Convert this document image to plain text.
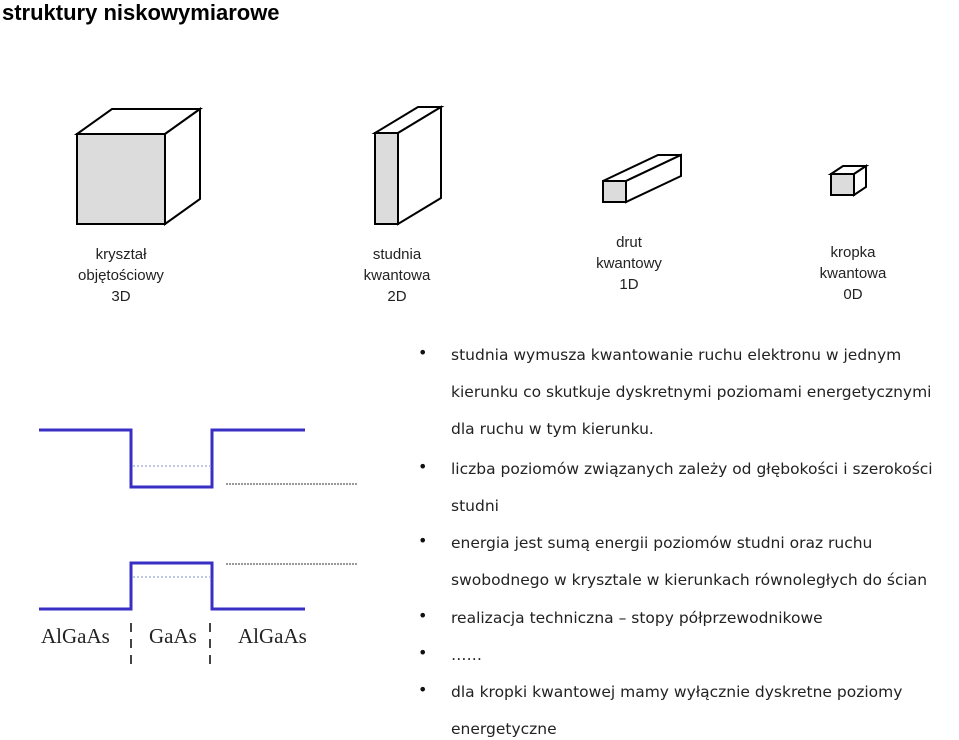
struktury niskowymiarowe
kryształ
objętościowy
3D
studnia
kwantowa
2D
drut
kwantowy
1D
kropka
kwantowa
0D
AlGaAs GaAs AlGaAs
• studnia wymusza kwantowanie ruchu elektronu w jednym
kierunku co skutkuje dyskretnymi poziomami energetycznymi
dla ruchu w tym kierunku.
• liczba poziomów związanych zależy od głębokości i szerokości
studni
• energia jest sumą energii poziomów studni oraz ruchu
swobodnego w krysztale w kierunkach równoległych do ścian
• realizacja techniczna – stopy półprzewodnikowe
• ……
• dla kropki kwantowej mamy wyłącznie dyskretne poziomy
energetyczne
